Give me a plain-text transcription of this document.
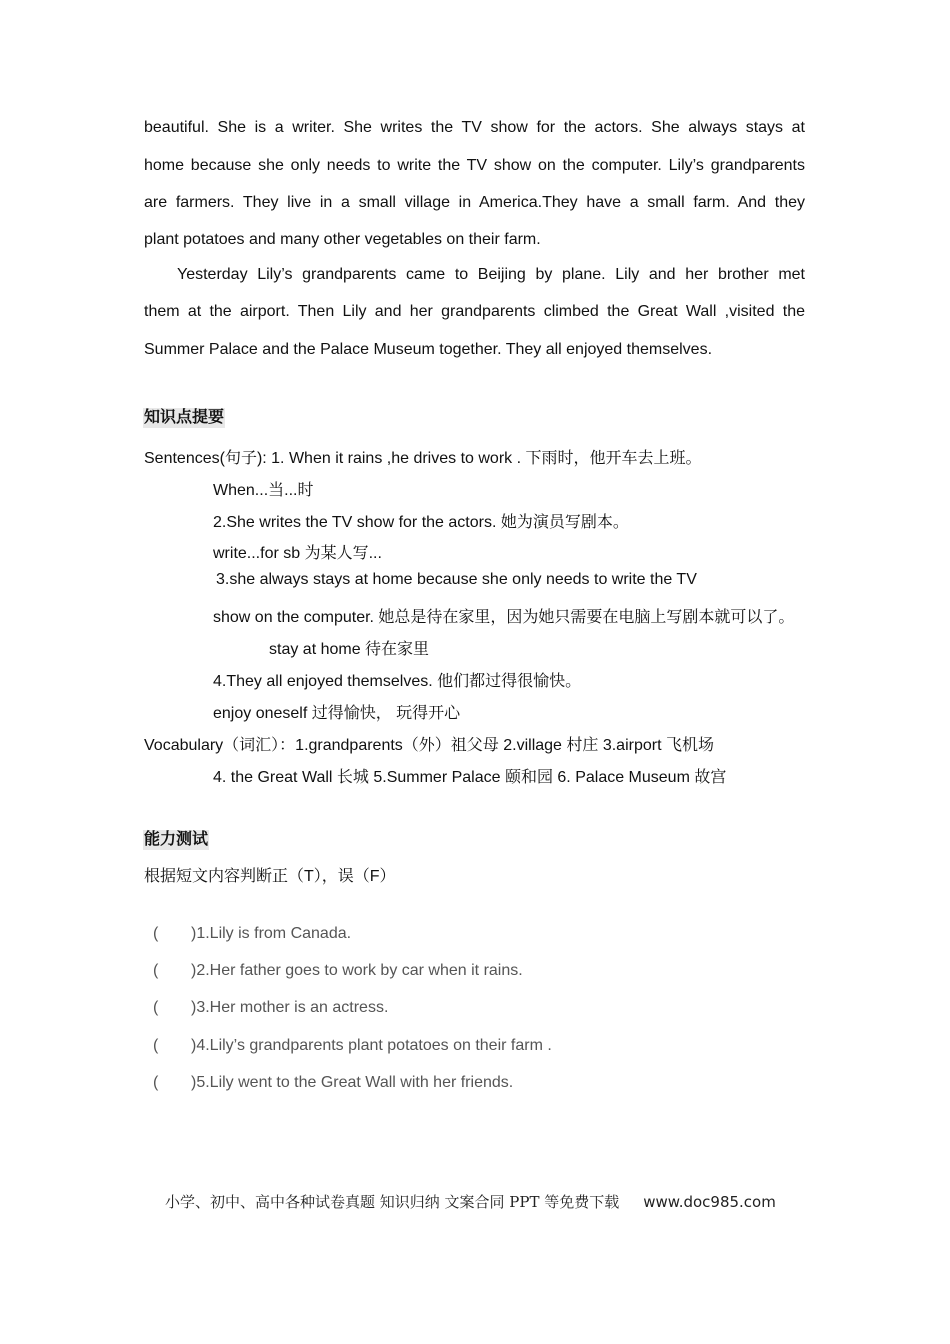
beautiful. She is a writer. She writes the TV show for the actors. She always stays at
home because she only needs to write the TV show on the computer. Lily’s grandparents
are farmers. They live in a small village in America.They have a small farm. And they
plant potatoes and many other vegetables on their farm.
Yesterday Lily’s grandparents came to Beijing by plane. Lily and her brother met
them at the airport. Then Lily and her grandparents climbed the Great Wall ,visited the
Summer Palace and the Palace Museum together. They all enjoyed themselves.
知识点提要
Sentences(句子): 1. When it rains ,he drives to work . 下雨时，他开车去上班。
When...当...时
2.She writes the TV show for the actors. 她为演员写剧本。
write...for sb 为某人写...
3.she always stays at home because she only needs to write the TV
show on the computer. 她总是待在家里，因为她只需要在电脑上写剧本就可以了。
stay at home 待在家里
4.They all enjoyed themselves. 他们都过得很愉快。
enjoy oneself 过得愉快， 玩得开心
Vocabulary（词汇）：1.grandparents（外）祖父母 2.village 村庄 3.airport 飞机场
4. the Great Wall 长城 5.Summer Palace 颐和园 6. Palace Museum 故宫
能力测试
根据短文内容判断正（T），误（F）
( )1.Lily is from Canada.
( )2.Her father goes to work by car when it rains.
( )3.Her mother is an actress.
( )4.Lily’s grandparents plant potatoes on their farm .
( )5.Lily went to the Great Wall with her friends.
小学、初中、高中各种试卷真题 知识归纳 文案合同 PPT 等免费下载 www.doc985.com
